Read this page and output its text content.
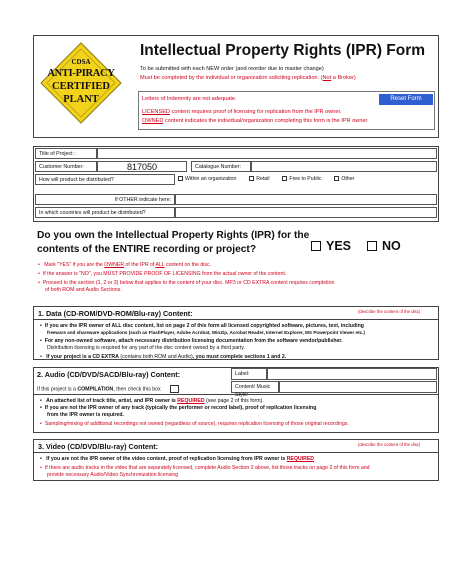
CDSA
ANTI-PIRACY
CERTIFIED
PLANT
Intellectual Property Rights (IPR) Form
To be submitted with each NEW order (and reorder due to master change)
Must be completed by the individual or organization soliciting replication. (Not a Broker)
Letters of Indemnity are not adequate.	Reset Form
LICENSED content requires proof of licensing for replication from the IPR owner.
OWNED content indicates the individual/organization completing this form is the IPR owner.
Title of Project :
Customer Number:	817050	Catalogue Number:
How will product be distributed?	Within an organization	Retail	Free to Public	Other
If OTHER indicate here:
In which countries will product be distributed?
Do you own the Intellectual Property Rights (IPR) for the
contents of the ENTIRE recording or project?	YES	NO
• Mark "YES" if you are the OWNER of the IPR of ALL content on the disc.
• If the answer is "NO", you MUST PROVIDE PROOF OF LICENSING from the actual owner of the content.
• Proceed to the section (1, 2 or 3) below that applies to the content of your disc. MP3 or CD EXTRA content requires completion
of both ROM and Audio Sections.
(describe the content of the disc)
1. Data (CD-ROM/DVD-ROM/Blu-ray) Content:
• If you are the IPR owner of ALL disc content, list on page 2 of this form all licensed copyrighted software, pictures, text, including
freeware and shareware applications (such as FlashPlayer, Adobe Acrobat, WinZip, Acrobat Reader, Internet Explorer, MS Powerpoint Viewer etc.)
• For any non-owned software, attach necessary distribution licensing documentation from the software vendor/publisher.
Distribution licensing is required for any part of the disc content owned by a third party.
• If your project is a CD EXTRA (contains both ROM and Audio), you must complete sections 1 and 2.
2. Audio (CD/DVD/SACD/Blu-ray) Content:	Label:
If this project is a COMPILATION, then check this box	Content/ Music Style:
• An attached list of track title, artist, and IPR owner is REQUIRED (see page 2 of this form).
• If you are not the IPR owner of any track (typically the performer or record label), proof of replication licensing
from the IPR owner is required.
• Sampling/mixing of additional recordings not owned (regardless of source), requires replication licensing of those original recordings.
(describe the content of the disc)
3. Video (CD/DVD/Blu-ray) Content:
• If you are not the IPR owner of the video content, proof of replication licensing from IPR owner is REQUIRED
• If there are audio tracks in the video that are separately licensed, complete Audio Section 2 above, list those tracks on page 2 of this form and
provide necessary Audio/Video Synchronization licensing
